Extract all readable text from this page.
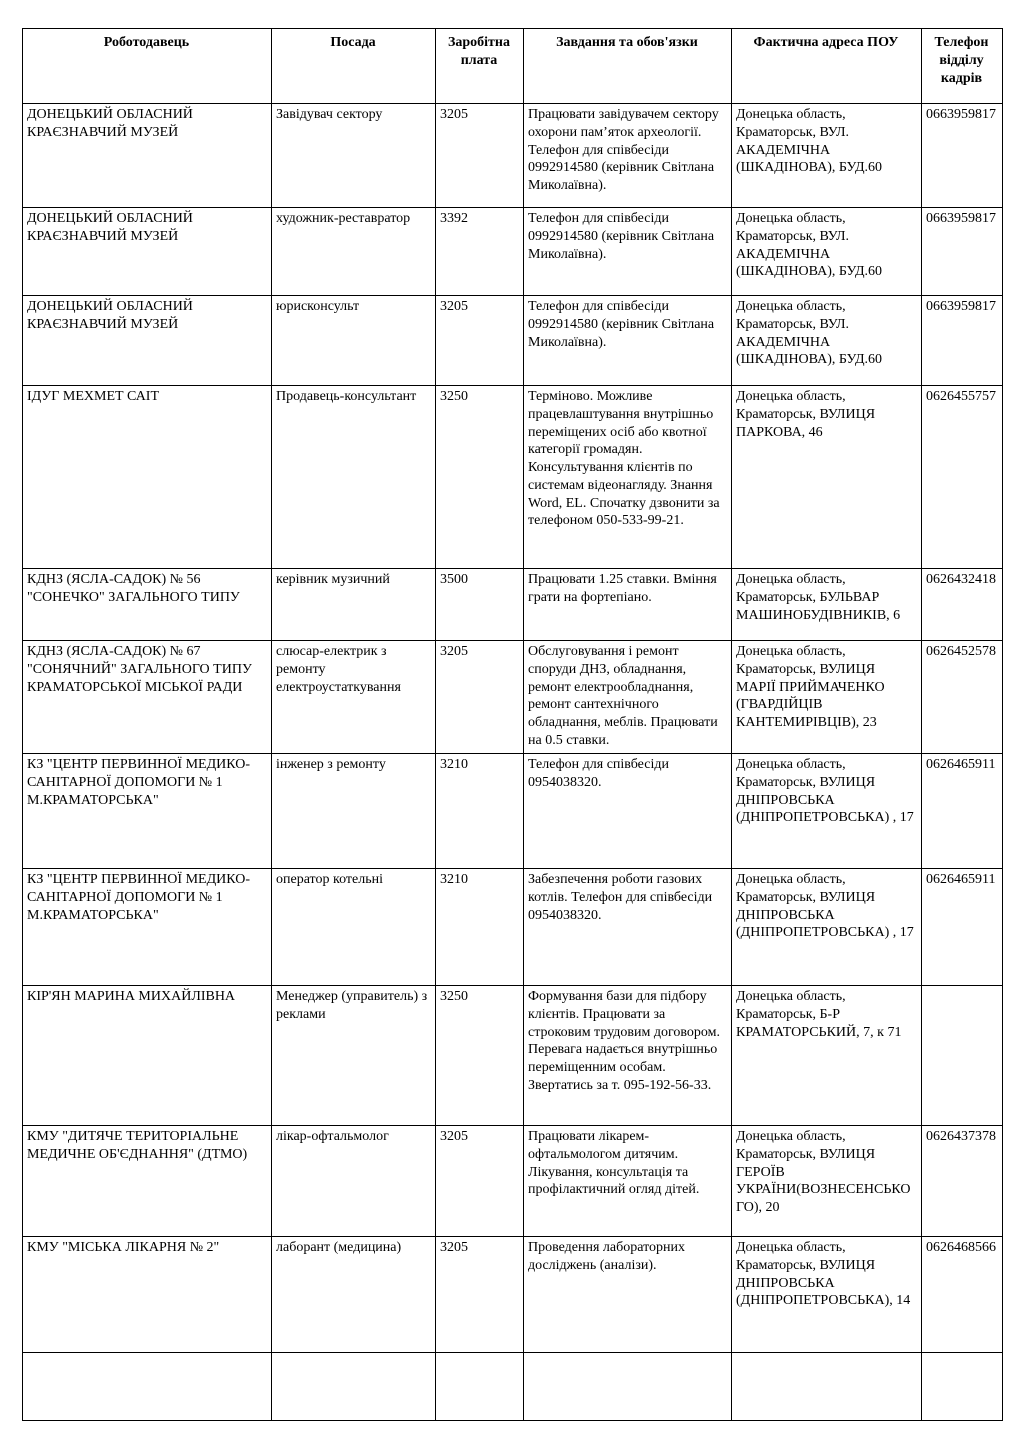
Роботодавець	Посада	Заробітна плата	Завдання та обов'язки	Фактична адреса ПОУ	Телефон відділу кадрів
ДОНЕЦЬКИЙ ОБЛАСНИЙ КРАЄЗНАВЧИЙ МУЗЕЙ	Завідувач сектору	3205	Працювати завідувачем сектору охорони пам’яток археології. Телефон для співбесіди 0992914580 (керівник Світлана Миколаївна).	Донецька область, Краматорськ, ВУЛ. АКАДЕМІЧНА (ШКАДІНОВА), БУД.60	0663959817
ДОНЕЦЬКИЙ ОБЛАСНИЙ КРАЄЗНАВЧИЙ МУЗЕЙ	художник-реставратор	3392	Телефон для співбесіди 0992914580 (керівник Світлана Миколаївна).	Донецька область, Краматорськ, ВУЛ. АКАДЕМІЧНА (ШКАДІНОВА), БУД.60	0663959817
ДОНЕЦЬКИЙ ОБЛАСНИЙ КРАЄЗНАВЧИЙ МУЗЕЙ	юрисконсульт	3205	Телефон для співбесіди 0992914580 (керівник Світлана Миколаївна).	Донецька область, Краматорськ, ВУЛ. АКАДЕМІЧНА (ШКАДІНОВА), БУД.60	0663959817
ІДУГ МЕХМЕТ САІТ	Продавець-консультант	3250	Терміново. Можливе працевлаштування внутрішньо переміщених осіб або квотної категорії громадян. Консультування клієнтів по системам відеонагляду. Знання Word, EL. Спочатку дзвонити за телефоном 050-533-99-21.	Донецька область, Краматорськ, ВУЛИЦЯ ПАРКОВА, 46	0626455757
КДНЗ (ЯСЛА-САДОК) № 56 "СОНЕЧКО" ЗАГАЛЬНОГО ТИПУ	керівник музичний	3500	Працювати 1.25 ставки. Вміння грати на фортепіано.	Донецька область, Краматорськ, БУЛЬВАР МАШИНОБУДІВНИКІВ, 6	0626432418
КДНЗ (ЯСЛА-САДОК) № 67 "СОНЯЧНИЙ" ЗАГАЛЬНОГО ТИПУ КРАМАТОРСЬКОЇ МІСЬКОЇ РАДИ	слюсар-електрик з ремонту електроустаткування	3205	Обслуговування і ремонт споруди ДНЗ, обладнання, ремонт електрообладнання, ремонт сантехнічного обладнання, меблів. Працювати на 0.5 ставки.	Донецька область, Краматорськ, ВУЛИЦЯ МАРІЇ ПРИЙМАЧЕНКО (ГВАРДІЙЦІВ КАНТЕМИРІВЦІВ), 23	0626452578
КЗ "ЦЕНТР ПЕРВИННОЇ МЕДИКО-САНІТАРНОЇ ДОПОМОГИ № 1 М.КРАМАТОРСЬКА"	інженер з ремонту	3210	Телефон для співбесіди 0954038320.	Донецька область, Краматорськ, ВУЛИЦЯ ДНІПРОВСЬКА (ДНІПРОПЕТРОВСЬКА) , 17	0626465911
КЗ "ЦЕНТР ПЕРВИННОЇ МЕДИКО-САНІТАРНОЇ ДОПОМОГИ № 1 М.КРАМАТОРСЬКА"	оператор котельні	3210	Забезпечення роботи газових котлів. Телефон для співбесіди 0954038320.	Донецька область, Краматорськ, ВУЛИЦЯ ДНІПРОВСЬКА (ДНІПРОПЕТРОВСЬКА) , 17	0626465911
КІР'ЯН МАРИНА МИХАЙЛІВНА	Менеджер (управитель) з реклами	3250	Формування бази для підбору клієнтів. Працювати за строковим трудовим договором. Перевага надається внутрішньо переміщенним особам. Звертатись за т. 095-192-56-33.	Донецька область, Краматорськ, Б-Р КРАМАТОРСЬКИЙ, 7, к 71	
КМУ "ДИТЯЧЕ ТЕРИТОРІАЛЬНЕ МЕДИЧНЕ ОБ'ЄДНАННЯ" (ДТМО)	лікар-офтальмолог	3205	Працювати лікарем-офтальмологом дитячим. Лікування, консультація та профілактичний огляд дітей.	Донецька область, Краматорськ, ВУЛИЦЯ ГЕРОЇВ УКРАЇНИ(ВОЗНЕСЕНСЬКОГО), 20	0626437378
КМУ "МІСЬКА ЛІКАРНЯ № 2"	лаборант (медицина)	3205	Проведення лабораторних досліджень (аналізи).	Донецька область, Краматорськ, ВУЛИЦЯ ДНІПРОВСЬКА (ДНІПРОПЕТРОВСЬКА), 14	0626468566
